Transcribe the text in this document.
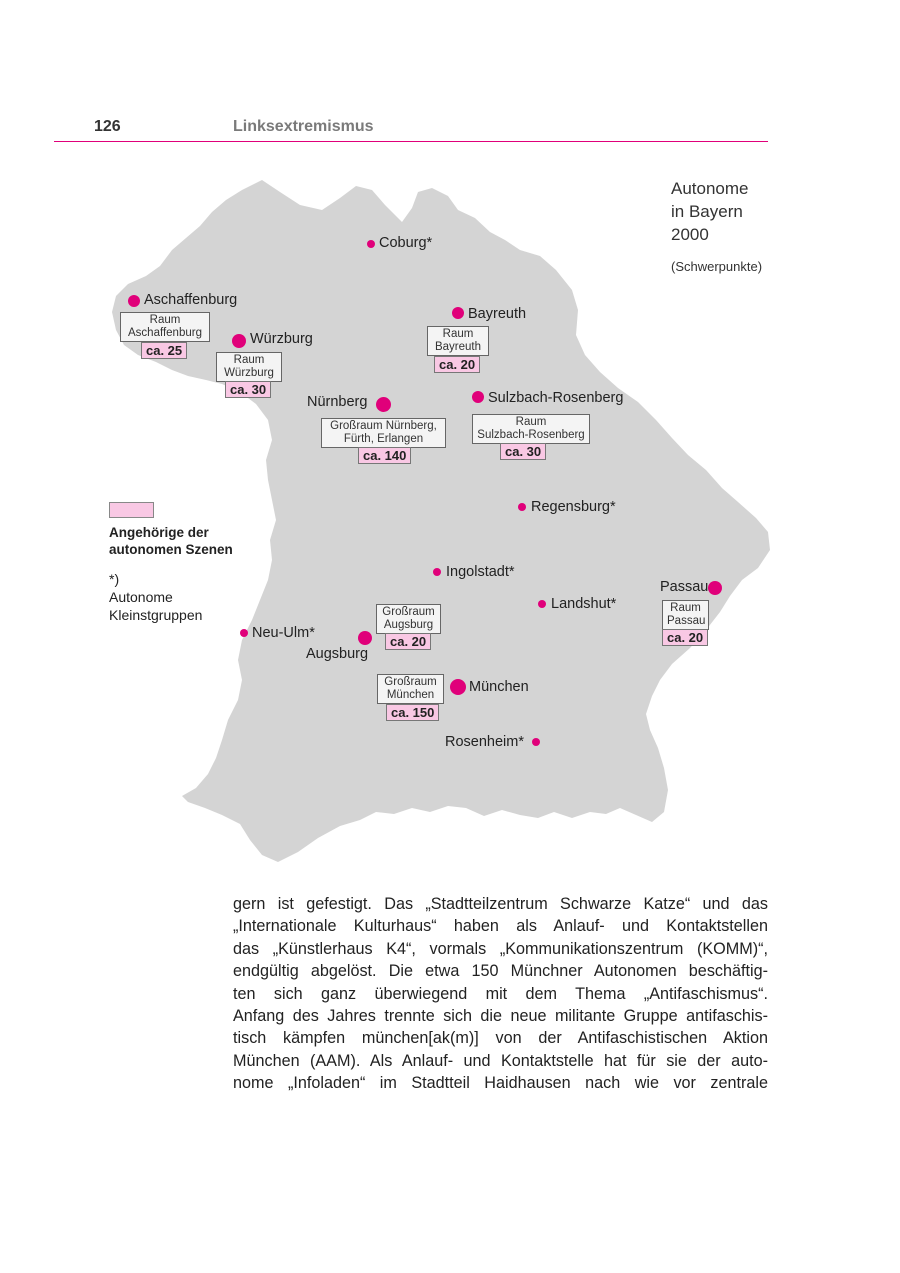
126	Linksextremismus
Autonome
in Bayern
2000
(Schwerpunkte)
Coburg*
Aschaffenburg
Raum
Aschaffenburg
ca. 25
Würzburg
Raum
Würzburg
ca. 30
Bayreuth
Raum
Bayreuth
ca. 20
Nürnberg
Großraum Nürnberg,
Fürth, Erlangen
ca. 140
Sulzbach-Rosenberg
Raum
Sulzbach-Rosenberg
ca. 30
Regensburg*
Ingolstadt*
Passau
Raum
Passau
ca. 20
Landshut*
Neu-Ulm*
Großraum
Augsburg
ca. 20
Augsburg
Großraum
München
ca. 150
München
Rosenheim*
Angehörige der
autonomen Szenen
*)
Autonome
Kleinstgruppen
gern ist gefestigt. Das „Stadtteilzentrum Schwarze Katze“ und das
„Internationale Kulturhaus“ haben als Anlauf- und Kontaktstellen
das „Künstlerhaus K4“, vormals „Kommunikationszentrum (KOMM)“,
endgültig abgelöst. Die etwa 150 Münchner Autonomen beschäftig-
ten sich ganz überwiegend mit dem Thema „Antifaschismus“.
Anfang des Jahres trennte sich die neue militante Gruppe antifaschis-
tisch kämpfen münchen[ak(m)] von der Antifaschistischen Aktion
München (AAM). Als Anlauf- und Kontaktstelle hat für sie der auto-
nome „Infoladen“ im Stadtteil Haidhausen nach wie vor zentrale
